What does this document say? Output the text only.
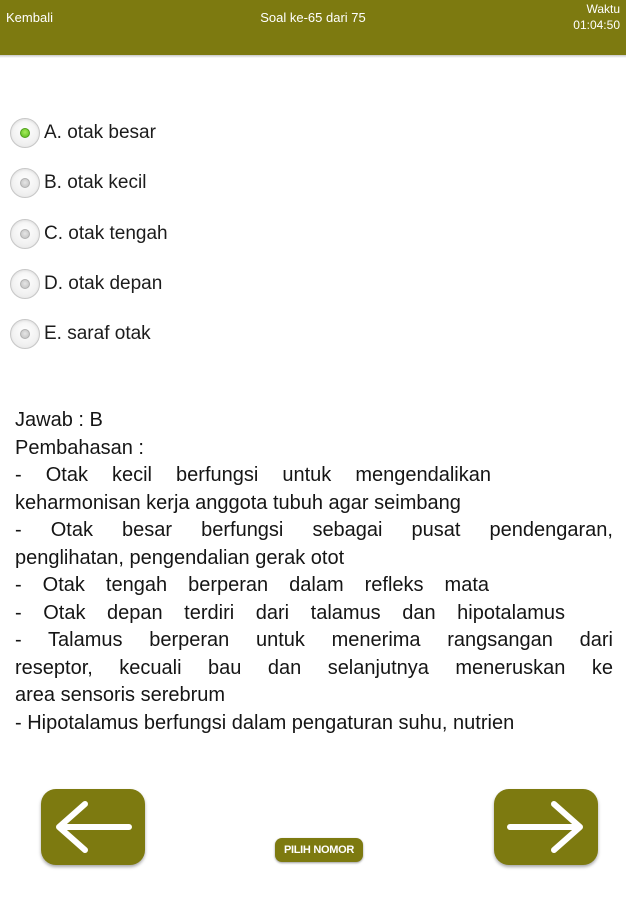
Kembali	Soal ke-65 dari 75
Waktu
01:04:50
A. otak besar
B. otak kecil
C. otak tengah
D. otak depan
E. saraf otak
Jawab : B
Pembahasan :
- Otak kecil berfungsi untuk mengendalikan
keharmonisan kerja anggota tubuh agar seimbang
- Otak besar berfungsi sebagai pusat pendengaran,
penglihatan, pengendalian gerak otot
- Otak tengah berperan dalam refleks mata
- Otak depan terdiri dari talamus dan hipotalamus
- Talamus berperan untuk menerima rangsangan dari
reseptor, kecuali bau dan selanjutnya meneruskan ke
area sensoris serebrum
- Hipotalamus berfungsi dalam pengaturan suhu, nutrien
PILIH NOMOR
